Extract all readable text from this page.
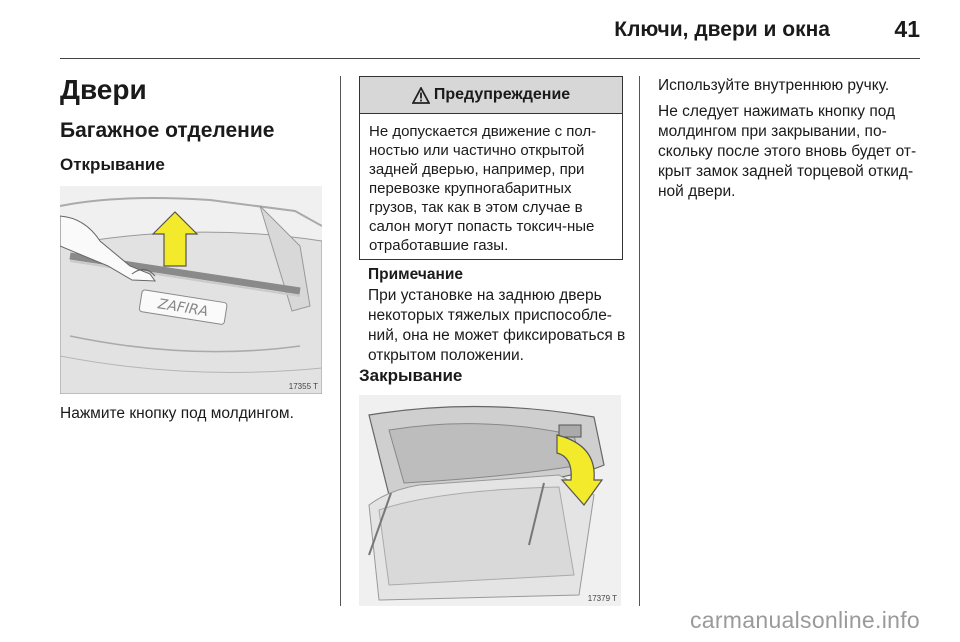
Ключи, двери и окна	41
Двери
Багажное отделение
Открывание
ZAFIRA
17355 T
Нажмите кнопку под молдингом.
Предупреждение
Не допускается движение с пол-ностью или частично открытой задней дверью, например, при перевозке крупногабаритных грузов, так как в этом случае в салон могут попасть токсич-ные отработавшие газы.
Примечание
При установке на заднюю дверь некоторых тяжелых приспособле-ний, она не может фиксироваться в открытом положении.
Закрывание
17379 T
Используйте внутреннюю ручку.
Не следует нажимать кнопку под молдингом при закрывании, по-скольку после этого вновь будет от-крыт замок задней торцевой откид-ной двери.
carmanualsonline.info
